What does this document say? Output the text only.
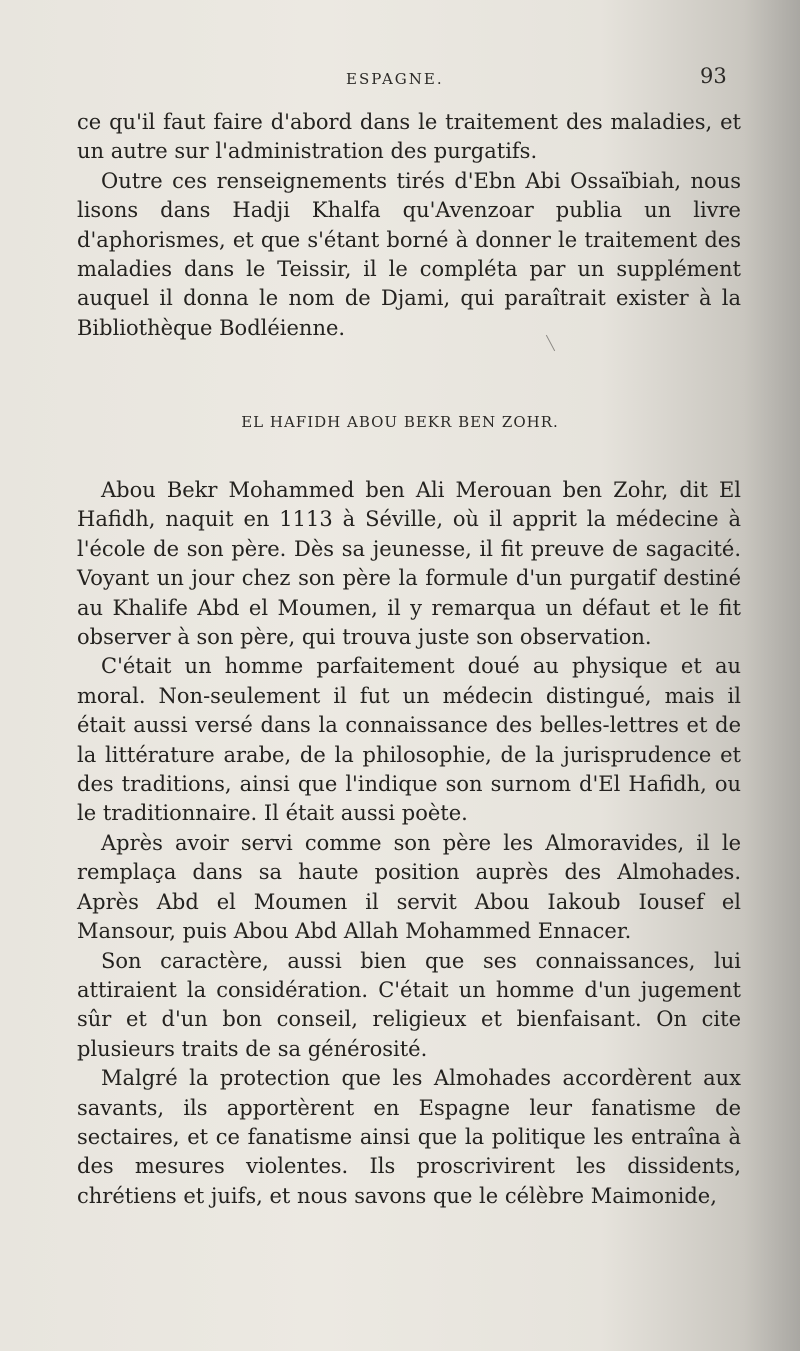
ESPAGNE.	93

ce qu'il faut faire d'abord dans le traitement des maladies, et un autre sur l'administration des purgatifs.

Outre ces renseignements tirés d'Ebn Abi Ossaïbiah, nous lisons dans Hadji Khalfa qu'Avenzoar publia un livre d'aphorismes, et que s'étant borné à donner le traitement des maladies dans le Teissir, il le compléta par un supplément auquel il donna le nom de Djami, qui paraîtrait exister à la Bibliothèque Bodléienne.

EL HAFIDH ABOU BEKR BEN ZOHR.

Abou Bekr Mohammed ben Ali Merouan ben Zohr, dit El Hafidh, naquit en 1113 à Séville, où il apprit la médecine à l'école de son père. Dès sa jeunesse, il fit preuve de sagacité. Voyant un jour chez son père la formule d'un purgatif destiné au Khalife Abd el Moumen, il y remarqua un défaut et le fit observer à son père, qui trouva juste son observation.

C'était un homme parfaitement doué au physique et au moral. Non-seulement il fut un médecin distingué, mais il était aussi versé dans la connaissance des belles-lettres et de la littérature arabe, de la philosophie, de la jurisprudence et des traditions, ainsi que l'indique son surnom d'El Hafidh, ou le traditionnaire. Il était aussi poète.

Après avoir servi comme son père les Almoravides, il le remplaça dans sa haute position auprès des Almohades. Après Abd el Moumen il servit Abou Iakoub Iousef el Mansour, puis Abou Abd Allah Mohammed Ennacer.

Son caractère, aussi bien que ses connaissances, lui attiraient la considération. C'était un homme d'un jugement sûr et d'un bon conseil, religieux et bienfaisant. On cite plusieurs traits de sa générosité.

Malgré la protection que les Almohades accordèrent aux savants, ils apportèrent en Espagne leur fanatisme de sectaires, et ce fanatisme ainsi que la politique les entraîna à des mesures violentes. Ils proscrivirent les dissidents, chrétiens et juifs, et nous savons que le célèbre Maimonide,
